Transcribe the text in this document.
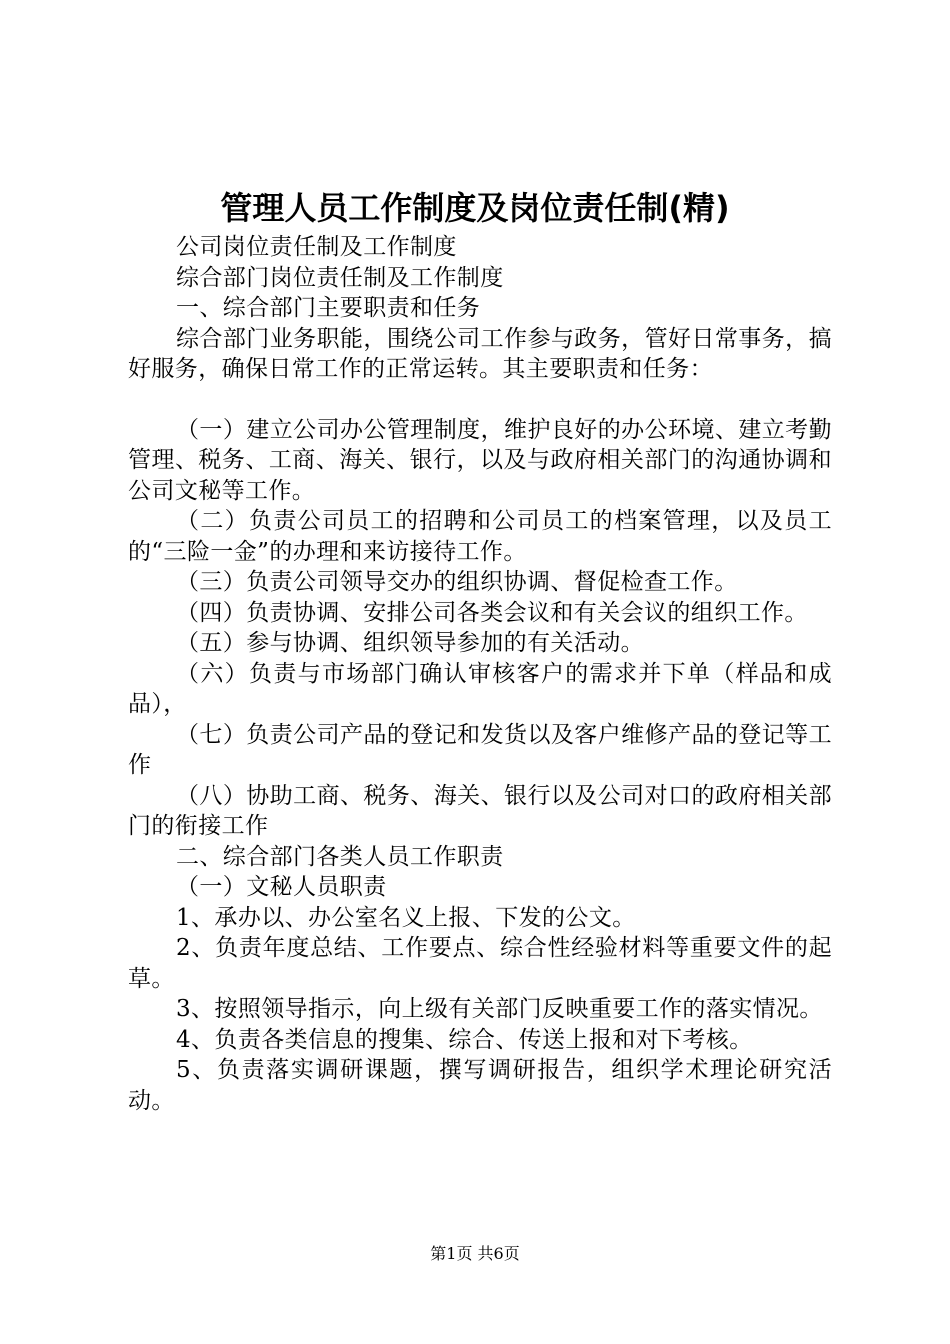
管理人员工作制度及岗位责任制(精)

公司岗位责任制及工作制度

综合部门岗位责任制及工作制度

一、综合部门主要职责和任务

综合部门业务职能，围绕公司工作参与政务，管好日常事务，搞好服务，确保日常工作的正常运转。其主要职责和任务：

（一）建立公司办公管理制度，维护良好的办公环境、建立考勤管理、税务、工商、海关、银行，以及与政府相关部门的沟通协调和公司文秘等工作。

（二）负责公司员工的招聘和公司员工的档案管理，以及员工的“三险一金”的办理和来访接待工作。

（三）负责公司领导交办的组织协调、督促检查工作。

（四）负责协调、安排公司各类会议和有关会议的组织工作。

（五）参与协调、组织领导参加的有关活动。

（六）负责与市场部门确认审核客户的需求并下单（样品和成品），

（七）负责公司产品的登记和发货以及客户维修产品的登记等工作

（八）协助工商、税务、海关、银行以及公司对口的政府相关部门的衔接工作

二、综合部门各类人员工作职责

（一）文秘人员职责

1、承办以、办公室名义上报、下发的公文。

2、负责年度总结、工作要点、综合性经验材料等重要文件的起草。

3、按照领导指示，向上级有关部门反映重要工作的落实情况。

4、负责各类信息的搜集、综合、传送上报和对下考核。

5、负责落实调研课题，撰写调研报告，组织学术理论研究活动。

第1页 共6页
